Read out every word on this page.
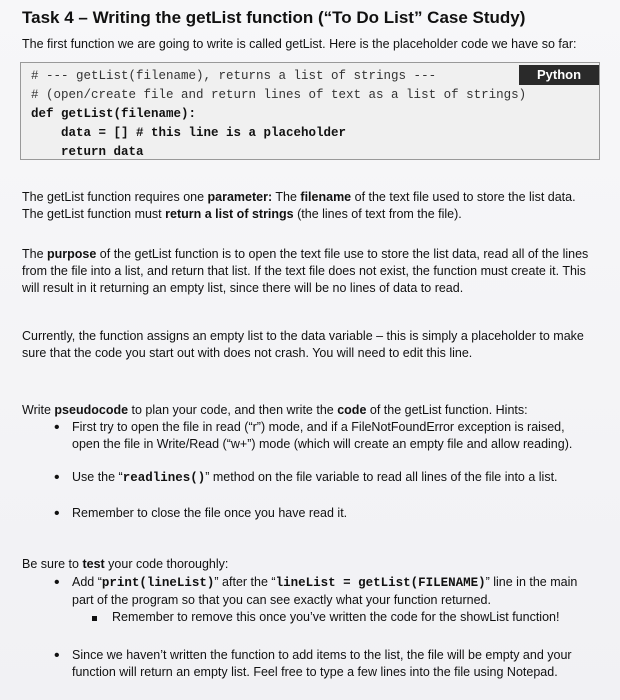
Task 4 – Writing the getList function (“To Do List” Case Study)
The first function we are going to write is called getList. Here is the placeholder code we have so far:
Python
# --- getList(filename), returns a list of strings ---
# (open/create file and return lines of text as a list of strings)
def getList(filename):
data = [] # this line is a placeholder
return data
The getList function requires one parameter: The filename of the text file used to store the list data.
The getList function must return a list of strings (the lines of text from the file).
The purpose of the getList function is to open the text file use to store the list data, read all of the lines from the file into a list, and return that list. If the text file does not exist, the function must create it. This will result in it returning an empty list, since there will be no lines of data to read.
Currently, the function assigns an empty list to the data variable – this is simply a placeholder to make sure that the code you start out with does not crash. You will need to edit this line.
Write pseudocode to plan your code, and then write the code of the getList function. Hints:
• First try to open the file in read (“r”) mode, and if a FileNotFoundError exception is raised, open the file in Write/Read (“w+”) mode (which will create an empty file and allow reading).
• Use the “readlines()” method on the file variable to read all lines of the file into a list.
• Remember to close the file once you have read it.
Be sure to test your code thoroughly:
• Add “print(lineList)” after the “lineList = getList(FILENAME)” line in the main part of the program so that you can see exactly what your function returned.
Remember to remove this once you’ve written the code for the showList function!
• Since we haven’t written the function to add items to the list, the file will be empty and your function will return an empty list. Feel free to type a few lines into the file using Notepad.
